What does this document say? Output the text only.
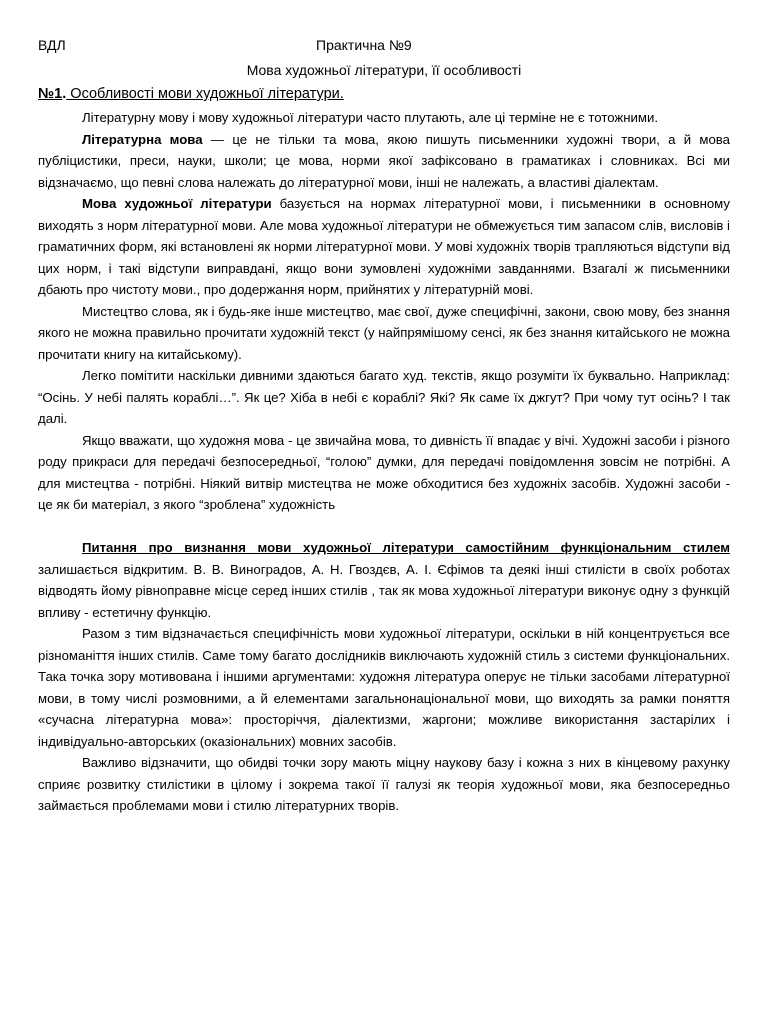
ВДЛ	Практична №9
Мова художньої літератури, її особливості
№1. Особливості мови художньої літератури.

Літературну мову і мову художньої літератури часто плутають, але ці терміне не є тотожними.

Літературна мова — це не тільки та мова, якою пишуть письменники художні твори, а й мова публіцистики, преси, науки, школи; це мова, норми якої зафіксовано в граматиках і словниках. Всі ми відзначаємо, що певні слова належать до літературної мови, інші не належать, а властиві діалектам.

Мова художньої літератури базується на нормах літературної мови, і письменники в основному виходять з норм літературної мови. Але мова художньої літератури не обмежується тим запасом слів, висловів і граматичних форм, які встановлені як норми літературної мови. У мові художніх творів трапляються відступи від цих норм, і такі відступи виправдані, якщо вони зумовлені художніми завданнями. Взагалі ж письменники дбають про чистоту мови., про додержання норм, прийнятих у літературній мові.

Мистецтво слова, як і будь-яке інше мистецтво, має свої, дуже специфічні, закони, свою мову, без знання якого не можна правильно прочитати художній текст (у найпрямішому сенсі, як без знання китайського не можна прочитати книгу на китайському).

Легко помітити наскільки дивними здаються багато худ. текстів, якщо розуміти їх буквально. Наприклад: “Осінь. У небі палять кораблі…”. Як це? Хіба в небі є кораблі? Які? Як саме їх джгут? При чому тут осінь? І так далі.

Якщо вважати, що художня мова - це звичайна мова, то дивність її впадає у вічі. Художні засоби і різного роду прикраси для передачі безпосередньої, “голою” думки, для передачі повідомлення зовсім не потрібні. А для мистецтва - потрібні. Ніякий витвір мистецтва не може обходитися без художніх засобів. Художні засоби - це як би матеріал, з якого “зроблена” художність

Питання про визнання мови художньої літератури самостійним функціональним стилем залишається відкритим. В. В. Виноградов, А. Н. Гвоздєв, А. І. Єфімов та деякі інші стилісти в своїх роботах відводять йому рівноправне місце серед інших стилів , так як мова художньої літератури виконує одну з функцій впливу - естетичну функцію.

Разом з тим відзначається специфічність мови художньої літератури, оскільки в ній концентрується все різноманіття інших стилів. Саме тому багато дослідників виключають художній стиль з системи функціональних. Така точка зору мотивована і іншими аргументами: художня література оперує не тільки засобами літературної мови, в тому числі розмовними, а й елементами загальнонаціональної мови, що виходять за рамки поняття «сучасна літературна мова»: просторіччя, діалектизми, жаргони; можливе використання застарілих і індивідуально-авторських (оказіональних) мовних засобів.

Важливо відзначити, що обидві точки зору мають міцну наукову базу і кожна з них в кінцевому рахунку сприяє розвитку стилістики в цілому і зокрема такої її галузі як теорія художньої мови, яка безпосередньо займається проблемами мови і стилю літературних творів.
